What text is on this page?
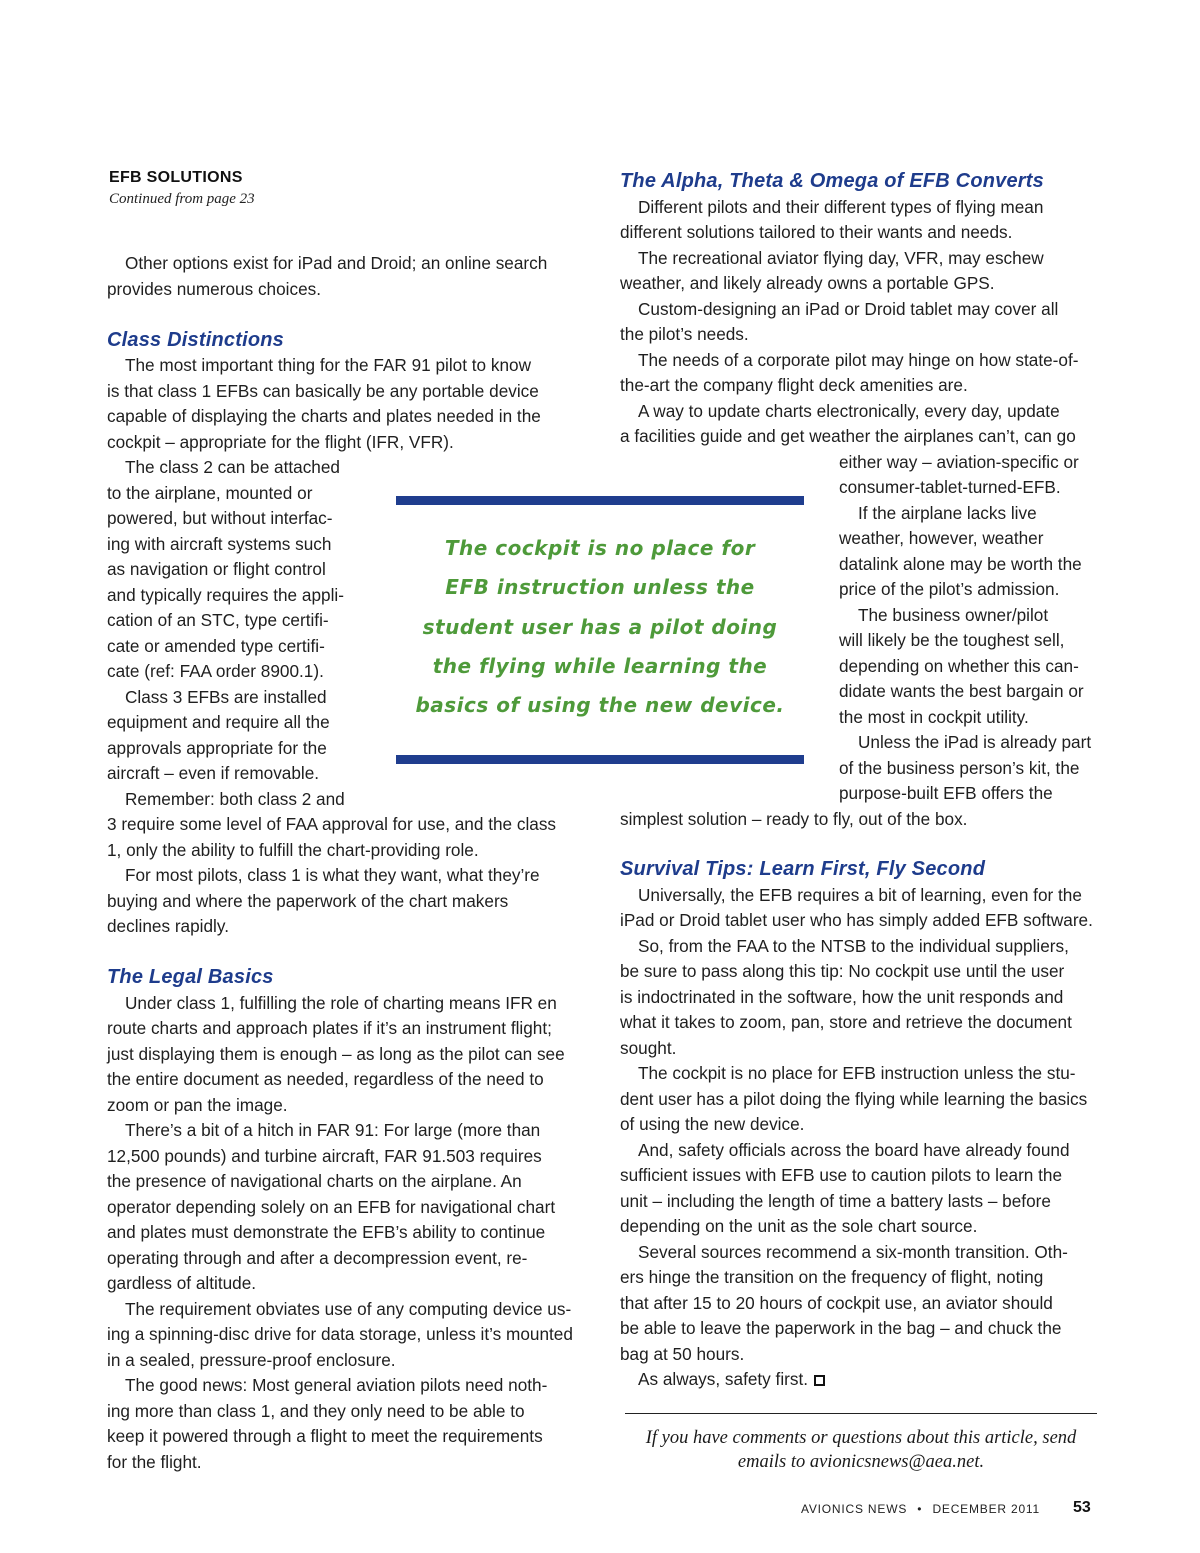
EFB SOLUTIONS
Continued from page 23
Other options exist for iPad and Droid; an online search
provides numerous choices.
Class Distinctions
The most important thing for the FAR 91 pilot to know
is that class 1 EFBs can basically be any portable device
capable of displaying the charts and plates needed in the
cockpit – appropriate for the flight (IFR, VFR).
The class 2 can be attached
to the airplane, mounted or
powered, but without interfac-
ing with aircraft systems such
as navigation or flight control
and typically requires the appli-
cation of an STC, type certifi-
cate or amended type certifi-
cate (ref: FAA order 8900.1).
Class 3 EFBs are installed
equipment and require all the
approvals appropriate for the
aircraft – even if removable.
Remember: both class 2 and
3 require some level of FAA approval for use, and the class
1, only the ability to fulfill the chart-providing role.
For most pilots, class 1 is what they want, what they’re
buying and where the paperwork of the chart makers
declines rapidly.
The Legal Basics
Under class 1, fulfilling the role of charting means IFR en
route charts and approach plates if it’s an instrument flight;
just displaying them is enough – as long as the pilot can see
the entire document as needed, regardless of the need to
zoom or pan the image.
There’s a bit of a hitch in FAR 91: For large (more than
12,500 pounds) and turbine aircraft, FAR 91.503 requires
the presence of navigational charts on the airplane. An
operator depending solely on an EFB for navigational chart
and plates must demonstrate the EFB’s ability to continue
operating through and after a decompression event, re-
gardless of altitude.
The requirement obviates use of any computing device us-
ing a spinning-disc drive for data storage, unless it’s mounted
in a sealed, pressure-proof enclosure.
The good news: Most general aviation pilots need noth-
ing more than class 1, and they only need to be able to
keep it powered through a flight to meet the requirements
for the flight.
The Alpha, Theta & Omega of EFB Converts
Different pilots and their different types of flying mean
different solutions tailored to their wants and needs.
The recreational aviator flying day, VFR, may eschew
weather, and likely already owns a portable GPS.
Custom-designing an iPad or Droid tablet may cover all
the pilot’s needs.
The needs of a corporate pilot may hinge on how state-of-
the-art the company flight deck amenities are.
A way to update charts electronically, every day, update
a facilities guide and get weather the airplanes can’t, can go
either way – aviation-specific or
consumer-tablet-turned-EFB.
If the airplane lacks live
weather, however, weather
datalink alone may be worth the
price of the pilot’s admission.
The business owner/pilot
will likely be the toughest sell,
depending on whether this can-
didate wants the best bargain or
the most in cockpit utility.
Unless the iPad is already part
of the business person’s kit, the
purpose-built EFB offers the
simplest solution – ready to fly, out of the box.
Survival Tips: Learn First, Fly Second
Universally, the EFB requires a bit of learning, even for the
iPad or Droid tablet user who has simply added EFB software.
So, from the FAA to the NTSB to the individual suppliers,
be sure to pass along this tip: No cockpit use until the user
is indoctrinated in the software, how the unit responds and
what it takes to zoom, pan, store and retrieve the document
sought.
The cockpit is no place for EFB instruction unless the stu-
dent user has a pilot doing the flying while learning the basics
of using the new device.
And, safety officials across the board have already found
sufficient issues with EFB use to caution pilots to learn the
unit – including the length of time a battery lasts – before
depending on the unit as the sole chart source.
Several sources recommend a six-month transition. Oth-
ers hinge the transition on the frequency of flight, noting
that after 15 to 20 hours of cockpit use, an aviator should
be able to leave the paperwork in the bag – and chuck the
bag at 50 hours.
As always, safety first.
The cockpit is no place for
EFB instruction unless the
student user has a pilot doing
the flying while learning the
basics of using the new device.
If you have comments or questions about this article, send
emails to avionicsnews@aea.net.
AVIONICS NEWS • DECEMBER 2011 53
